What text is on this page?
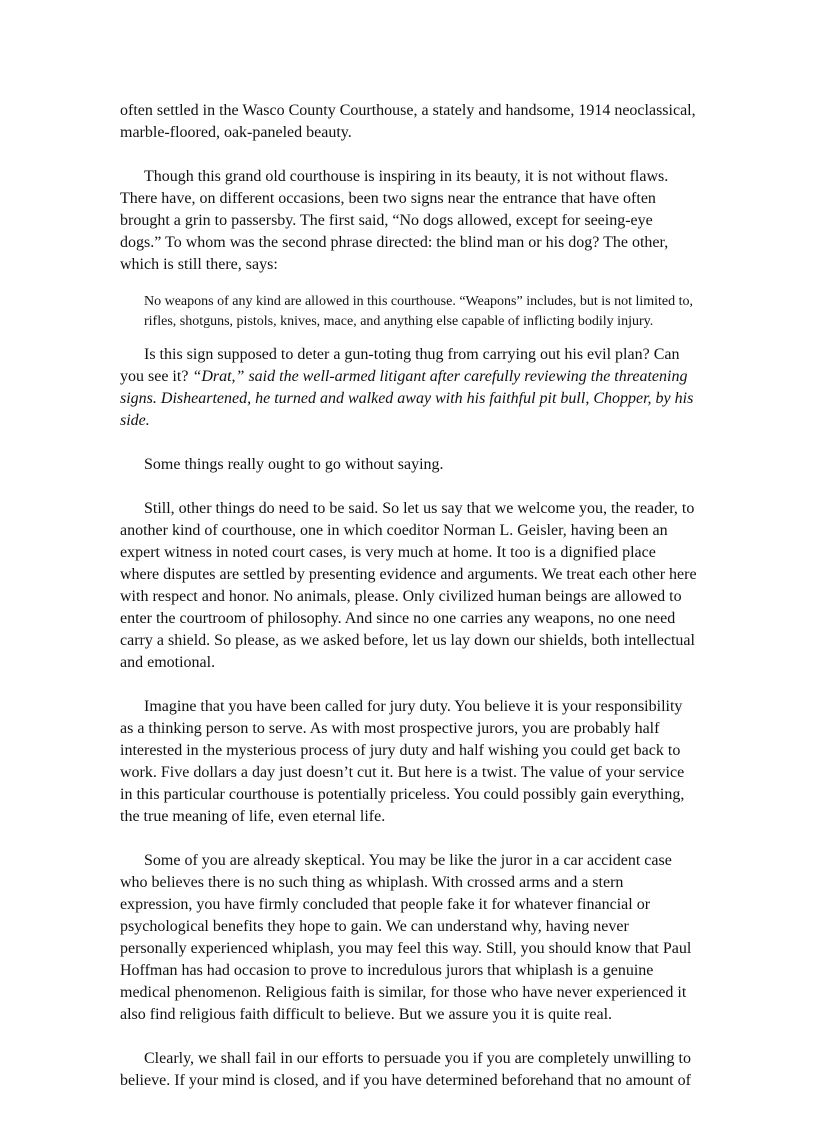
often settled in the Wasco County Courthouse, a stately and handsome, 1914 neoclassical, marble-floored, oak-paneled beauty.

Though this grand old courthouse is inspiring in its beauty, it is not without flaws. There have, on different occasions, been two signs near the entrance that have often brought a grin to passersby. The first said, “No dogs allowed, except for seeing-eye dogs.” To whom was the second phrase directed: the blind man or his dog? The other, which is still there, says:

No weapons of any kind are allowed in this courthouse. “Weapons” includes, but is not limited to, rifles, shotguns, pistols, knives, mace, and anything else capable of inflicting bodily injury.

Is this sign supposed to deter a gun-toting thug from carrying out his evil plan? Can you see it? “Drat,” said the well-armed litigant after carefully reviewing the threatening signs. Disheartened, he turned and walked away with his faithful pit bull, Chopper, by his side.

Some things really ought to go without saying.

Still, other things do need to be said. So let us say that we welcome you, the reader, to another kind of courthouse, one in which coeditor Norman L. Geisler, having been an expert witness in noted court cases, is very much at home. It too is a dignified place where disputes are settled by presenting evidence and arguments. We treat each other here with respect and honor. No animals, please. Only civilized human beings are allowed to enter the courtroom of philosophy. And since no one carries any weapons, no one need carry a shield. So please, as we asked before, let us lay down our shields, both intellectual and emotional.

Imagine that you have been called for jury duty. You believe it is your responsibility as a thinking person to serve. As with most prospective jurors, you are probably half interested in the mysterious process of jury duty and half wishing you could get back to work. Five dollars a day just doesn’t cut it. But here is a twist. The value of your service in this particular courthouse is potentially priceless. You could possibly gain everything, the true meaning of life, even eternal life.

Some of you are already skeptical. You may be like the juror in a car accident case who believes there is no such thing as whiplash. With crossed arms and a stern expression, you have firmly concluded that people fake it for whatever financial or psychological benefits they hope to gain. We can understand why, having never personally experienced whiplash, you may feel this way. Still, you should know that Paul Hoffman has had occasion to prove to incredulous jurors that whiplash is a genuine medical phenomenon. Religious faith is similar, for those who have never experienced it also find religious faith difficult to believe. But we assure you it is quite real.

Clearly, we shall fail in our efforts to persuade you if you are completely unwilling to believe. If your mind is closed, and if you have determined beforehand that no amount of
